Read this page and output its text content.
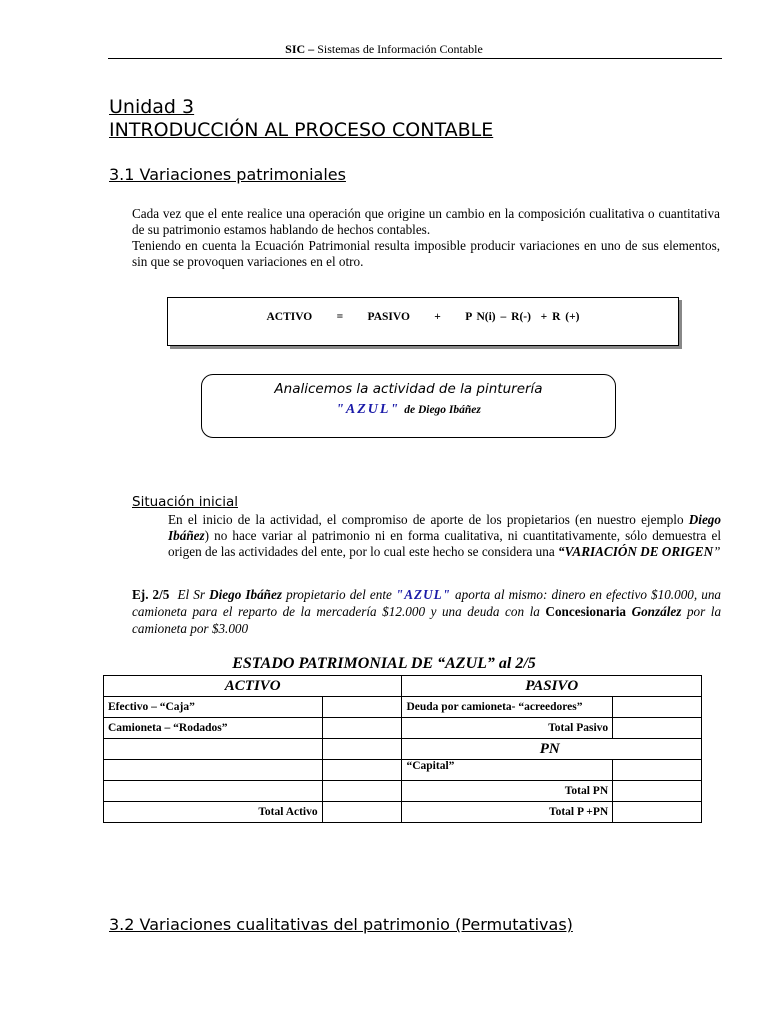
SIC – Sistemas de Información Contable
Unidad 3
INTRODUCCIÓN AL PROCESO CONTABLE
3.1 Variaciones patrimoniales

Cada vez que el ente realice una operación que origine un cambio en la composición cualitativa o cuantitativa de su patrimonio estamos hablando de hechos contables.

Teniendo en cuenta la Ecuación Patrimonial resulta imposible producir variaciones en uno de sus elementos, sin que se provoquen variaciones en el otro.

ACTIVO     =     PASIVO     +     P N(i) – R(-)  + R (+)
Analicemos la actividad de la pinturería
"AZUL" de Diego Ibáñez
Situación inicial
En el inicio de la actividad, el compromiso de aporte de los propietarios (en nuestro ejemplo Diego Ibáñez) no hace variar al patrimonio ni en forma cualitativa, ni cuantitativamente, sólo demuestra el origen de las actividades del ente, por lo cual este hecho se considera una “VARIACIÓN DE ORIGEN”
Ej. 2/5 El Sr Diego Ibáñez propietario del ente "AZUL" aporta al mismo: dinero en efectivo $10.000, una camioneta para el reparto de la mercadería $12.000 y una deuda con la Concesionaria González por la camioneta por $3.000
ESTADO PATRIMONIAL DE “AZUL” al 2/5
ACTIVO		PASIVO	
Efectivo – “Caja”		Deuda por camioneta- “acreedores”	
Camioneta – “Rodados”		Total Pasivo	
		PN	
		“Capital”	
		Total PN	
Total Activo		Total P +PN	
3.2 Variaciones cualitativas del patrimonio (Permutativas)
